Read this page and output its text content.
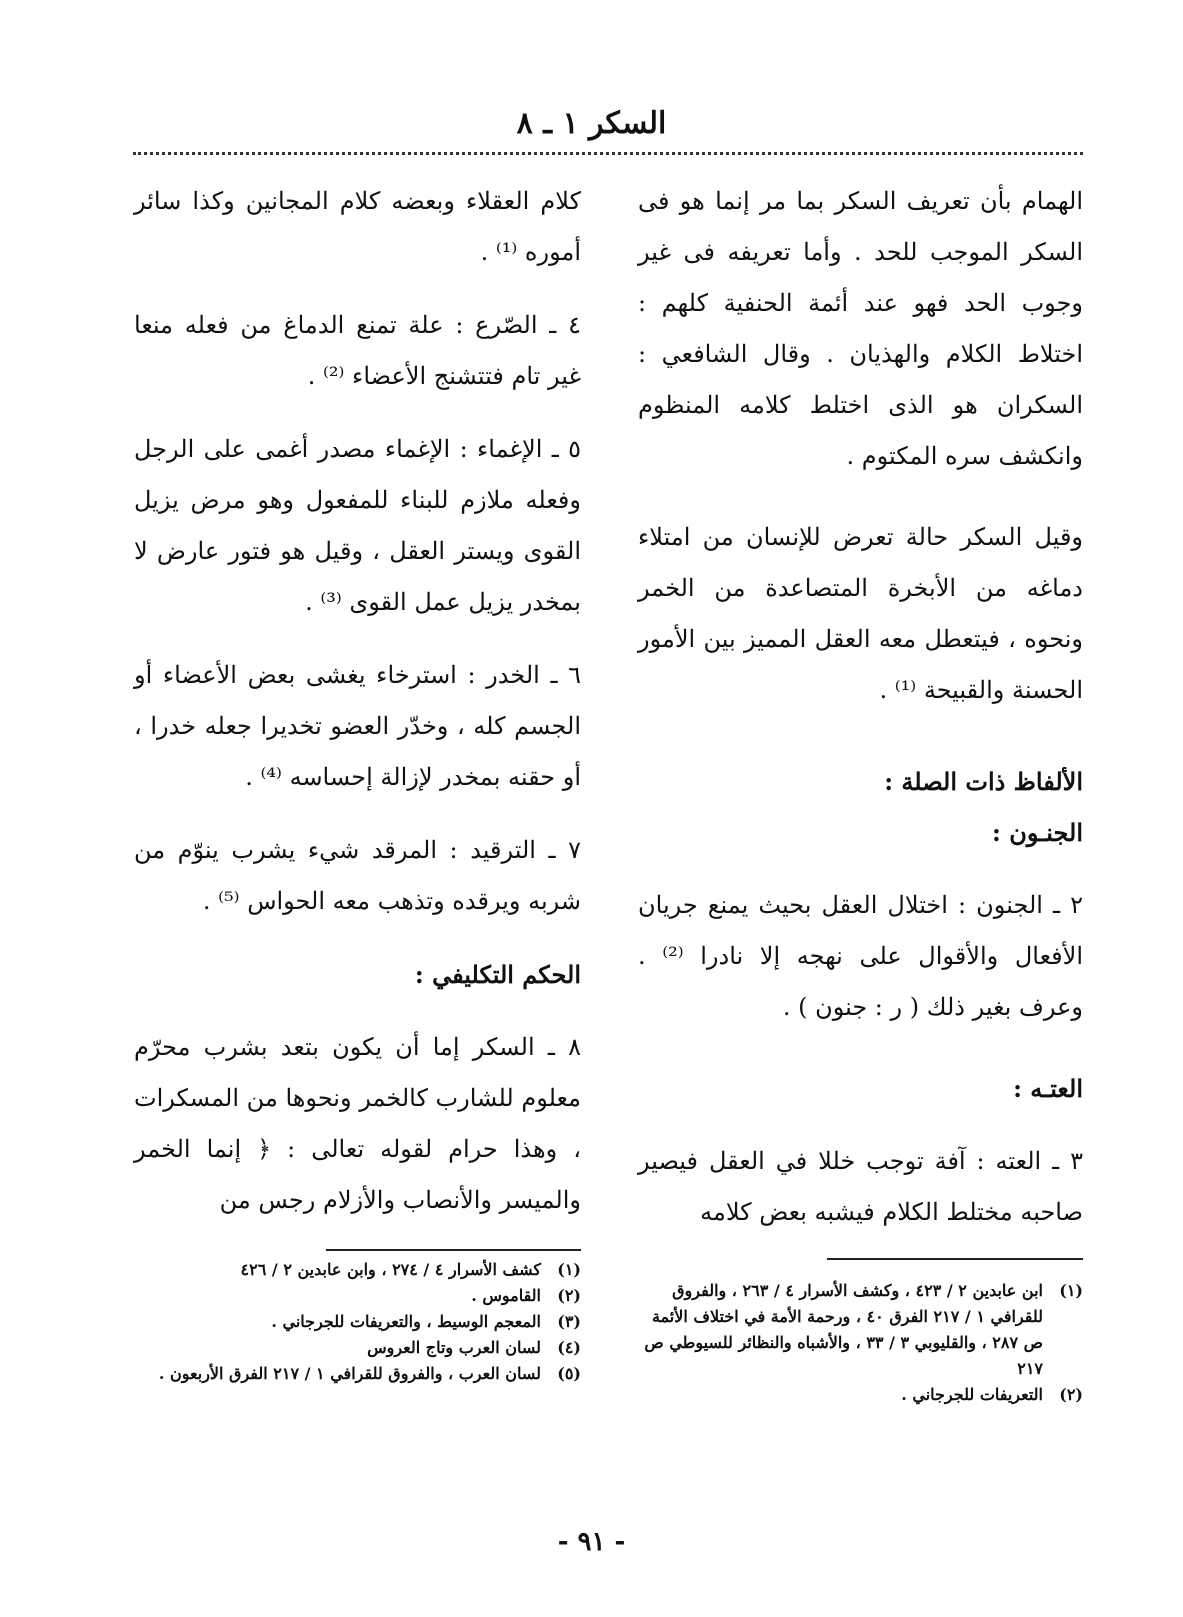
السكر ١ ـ ٨

الهمام بأن تعريف السكر بما مر إنما هو فى السكر الموجب للحد . وأما تعريفه فى غير وجوب الحد فهو عند أئمة الحنفية كلهم : اختلاط الكلام والهذيان . وقال الشافعي : السكران هو الذى اختلط كلامه المنظوم وانكشف سره المكتوم .

وقيل السكر حالة تعرض للإنسان من امتلاء دماغه من الأبخرة المتصاعدة من الخمر ونحوه ، فيتعطل معه العقل المميز بين الأمور الحسنة والقبيحة ⁽¹⁾ .

الألفاظ ذات الصلة :

الجنـون :

٢ ـ الجنون : اختلال العقل بحيث يمنع جريان الأفعال والأقوال على نهجه إلا نادرا ⁽²⁾ . وعرف بغير ذلك ( ر : جنون ) .

العتـه :

٣ ـ العته : آفة توجب خللا في العقل فيصير صاحبه مختلط الكلام فيشبه بعض كلامه

كلام العقلاء وبعضه كلام المجانين وكذا سائر أموره ⁽¹⁾ .

٤ ـ الصّرع : علة تمنع الدماغ من فعله منعا غير تام فتتشنج الأعضاء ⁽²⁾ .

٥ ـ الإغماء : الإغماء مصدر أغمى على الرجل وفعله ملازم للبناء للمفعول وهو مرض يزيل القوى ويستر العقل ، وقيل هو فتور عارض لا بمخدر يزيل عمل القوى ⁽³⁾ .

٦ ـ الخدر : استرخاء يغشى بعض الأعضاء أو الجسم كله ، وخدّر العضو تخديرا جعله خدرا ، أو حقنه بمخدر لإزالة إحساسه ⁽⁴⁾ .

٧ ـ الترقيد : المرقد شيء يشرب ينوّم من شربه ويرقده وتذهب معه الحواس ⁽⁵⁾ .

الحكم التكليفي :

٨ ـ السكر إما أن يكون بتعد بشرب محرّم معلوم للشارب كالخمر ونحوها من المسكرات ، وهذا حرام لقوله تعالى : ﴿ إنما الخمر والميسر والأنصاب والأزلام رجس من

(١)
ابن عابدين ٢ / ٤٢٣ ، وكشف الأسرار ٤ / ٢٦٣ ، والفروق للقرافي ١ / ٢١٧ الفرق ٤٠ ، ورحمة الأمة في اختلاف الأئمة ص ٢٨٧ ، والقليوبي ٣ / ٣٣ ، والأشباه والنظائر للسيوطي ص ٢١٧

(٢)
التعريفات للجرجاني .

(١)
كشف الأسرار ٤ / ٢٧٤ ، وابن عابدين ٢ / ٤٢٦

(٢)
القاموس .

(٣)
المعجم الوسيط ، والتعريفات للجرجاني .

(٤)
لسان العرب وتاج العروس

(٥)
لسان العرب ، والفروق للقرافي ١ / ٢١٧ الفرق الأربعون .

- ٩١ -
